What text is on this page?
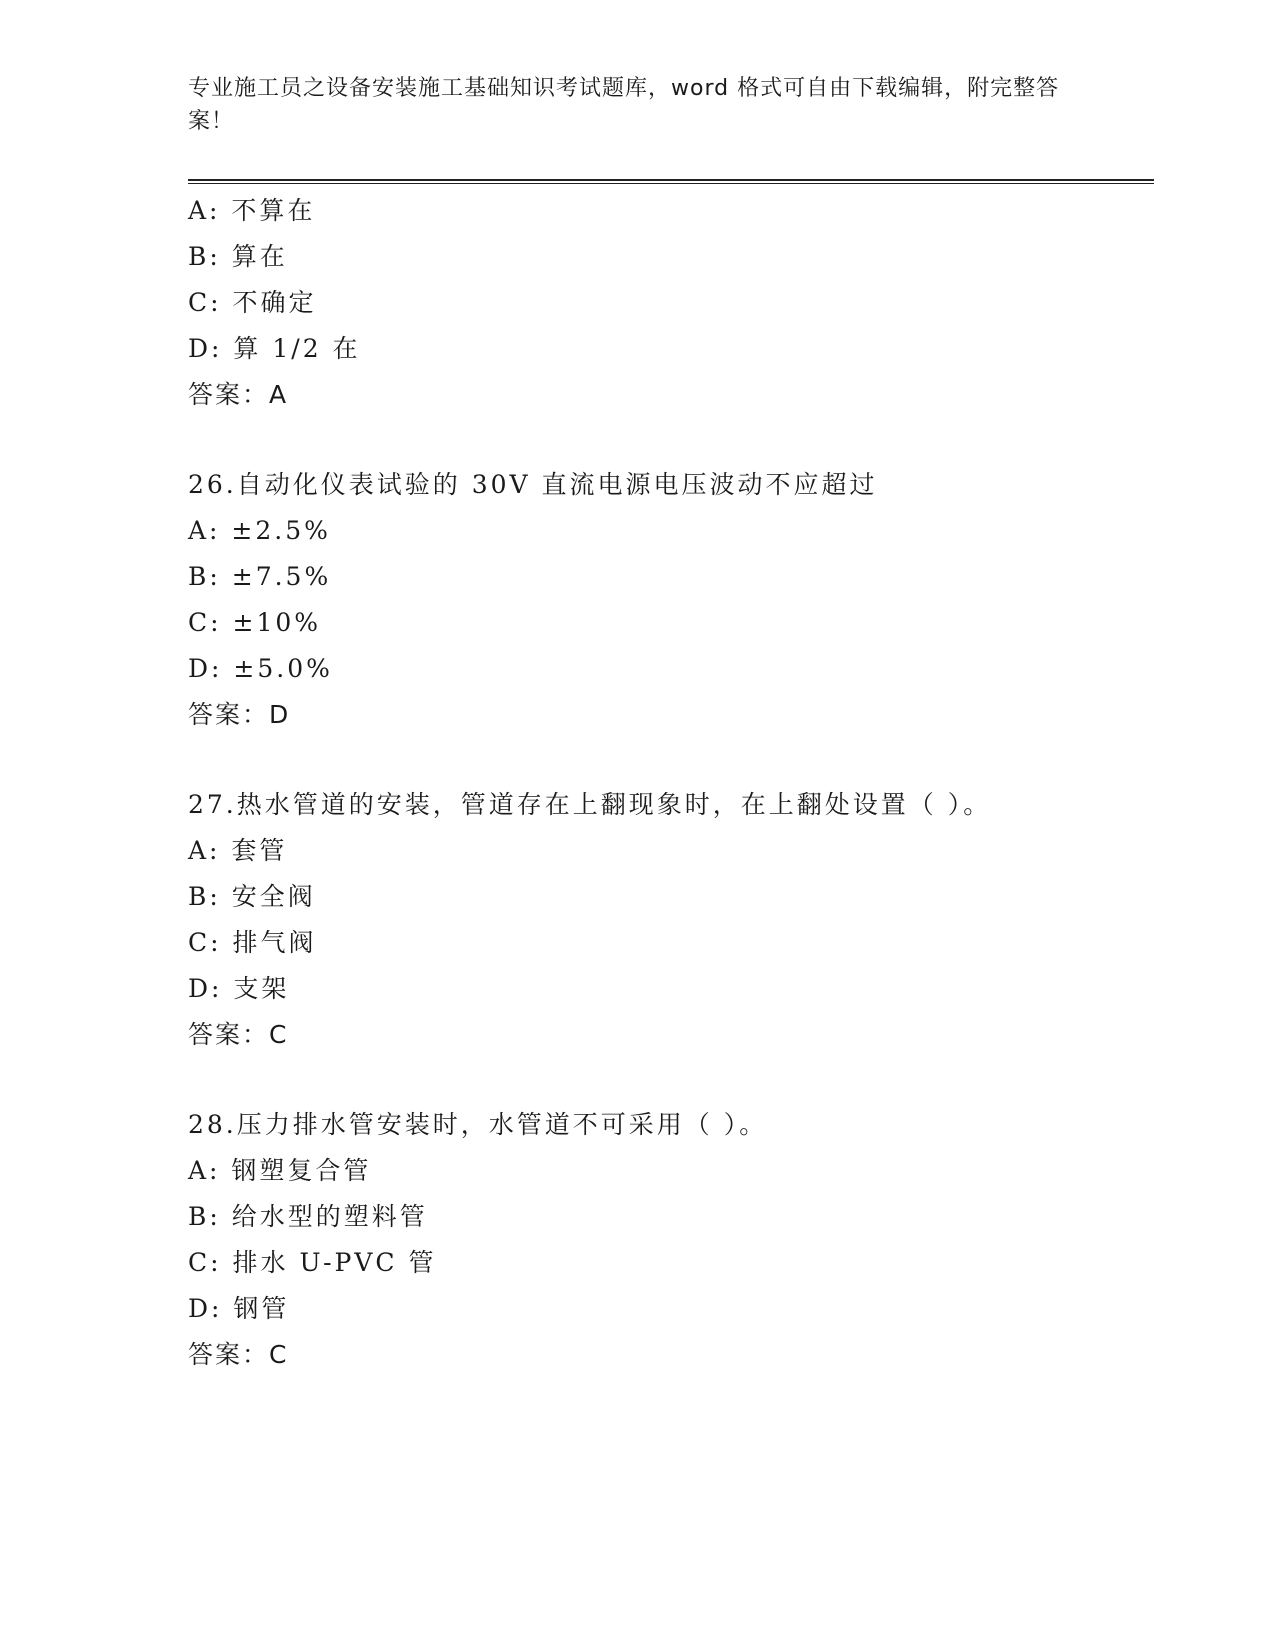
专业施工员之设备安装施工基础知识考试题库，word 格式可自由下载编辑，附完整答案！
A: 不算在
B: 算在
C: 不确定
D: 算 1/2 在
答案：A
26.自动化仪表试验的 30V 直流电源电压波动不应超过
A: ±2.5%
B: ±7.5%
C: ±10%
D: ±5.0%
答案：D
27.热水管道的安装，管道存在上翻现象时，在上翻处设置（ ）。
A: 套管
B: 安全阀
C: 排气阀
D: 支架
答案：C
28.压力排水管安装时，水管道不可采用（ ）。
A: 钢塑复合管
B: 给水型的塑料管
C: 排水 U-PVC 管
D: 钢管
答案：C
